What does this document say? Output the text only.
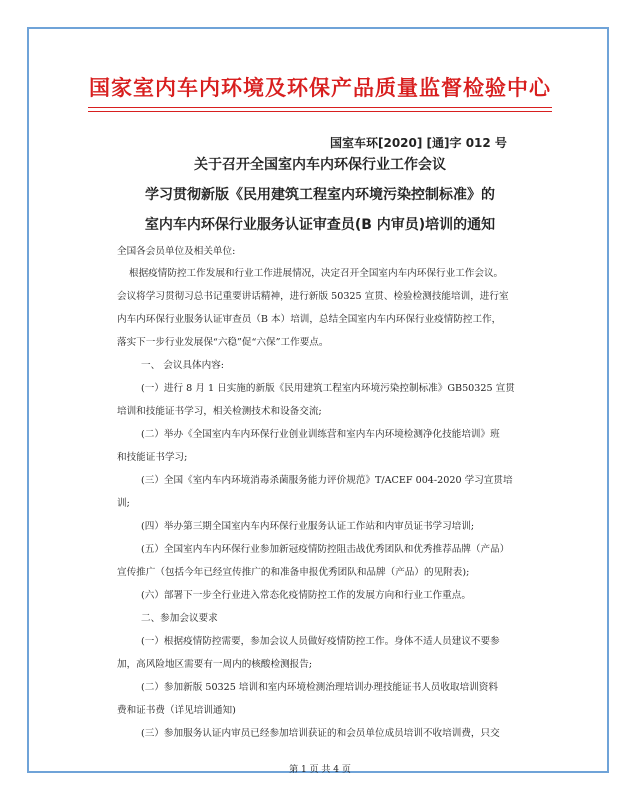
国家室内车内环境及环保产品质量监督检验中心
国室车环[2020] [通]字 012 号
关于召开全国室内车内环保行业工作会议
学习贯彻新版《民用建筑工程室内环境污染控制标准》的
室内车内环保行业服务认证审查员(B 内审员)培训的通知
全国各会员单位及相关单位:
根据疫情防控工作发展和行业工作进展情况，决定召开全国室内车内环保行业工作会议。
会议将学习贯彻习总书记重要讲话精神，进行新版 50325 宣贯、检验检测技能培训，进行室
内车内环保行业服务认证审查员（B 本）培训，总结全国室内车内环保行业疫情防控工作，
落实下一步行业发展保“六稳”促“六保”工作要点。
一、 会议具体内容:
(一）进行 8 月 1 日实施的新版《民用建筑工程室内环境污染控制标准》GB50325 宣贯
培训和技能证书学习，相关检测技术和设备交流;
(二）举办《全国室内车内环保行业创业训练营和室内车内环境检测净化技能培训》班
和技能证书学习;
(三）全国《室内车内环境消毒杀菌服务能力评价规范》T/ACEF 004-2020 学习宣贯培
训;
(四）举办第三期全国室内车内环保行业服务认证工作站和内审员证书学习培训;
(五）全国室内车内环保行业参加新冠疫情防控阻击战优秀团队和优秀推荐品牌（产品）
宣传推广（包括今年已经宣传推广的和准备申报优秀团队和品牌（产品）的见附表);
(六）部署下一步全行业进入常态化疫情防控工作的发展方向和行业工作重点。
二、参加会议要求
(一）根据疫情防控需要，参加会议人员做好疫情防控工作。身体不适人员建议不要参
加，高风险地区需要有一周内的核酸检测报告;
(二）参加新版 50325 培训和室内环境检测治理培训办理技能证书人员收取培训资料
费和证书费（详见培训通知)
(三）参加服务认证内审员已经参加培训获证的和会员单位成员培训不收培训费，只交
第 1 页 共 4 页
